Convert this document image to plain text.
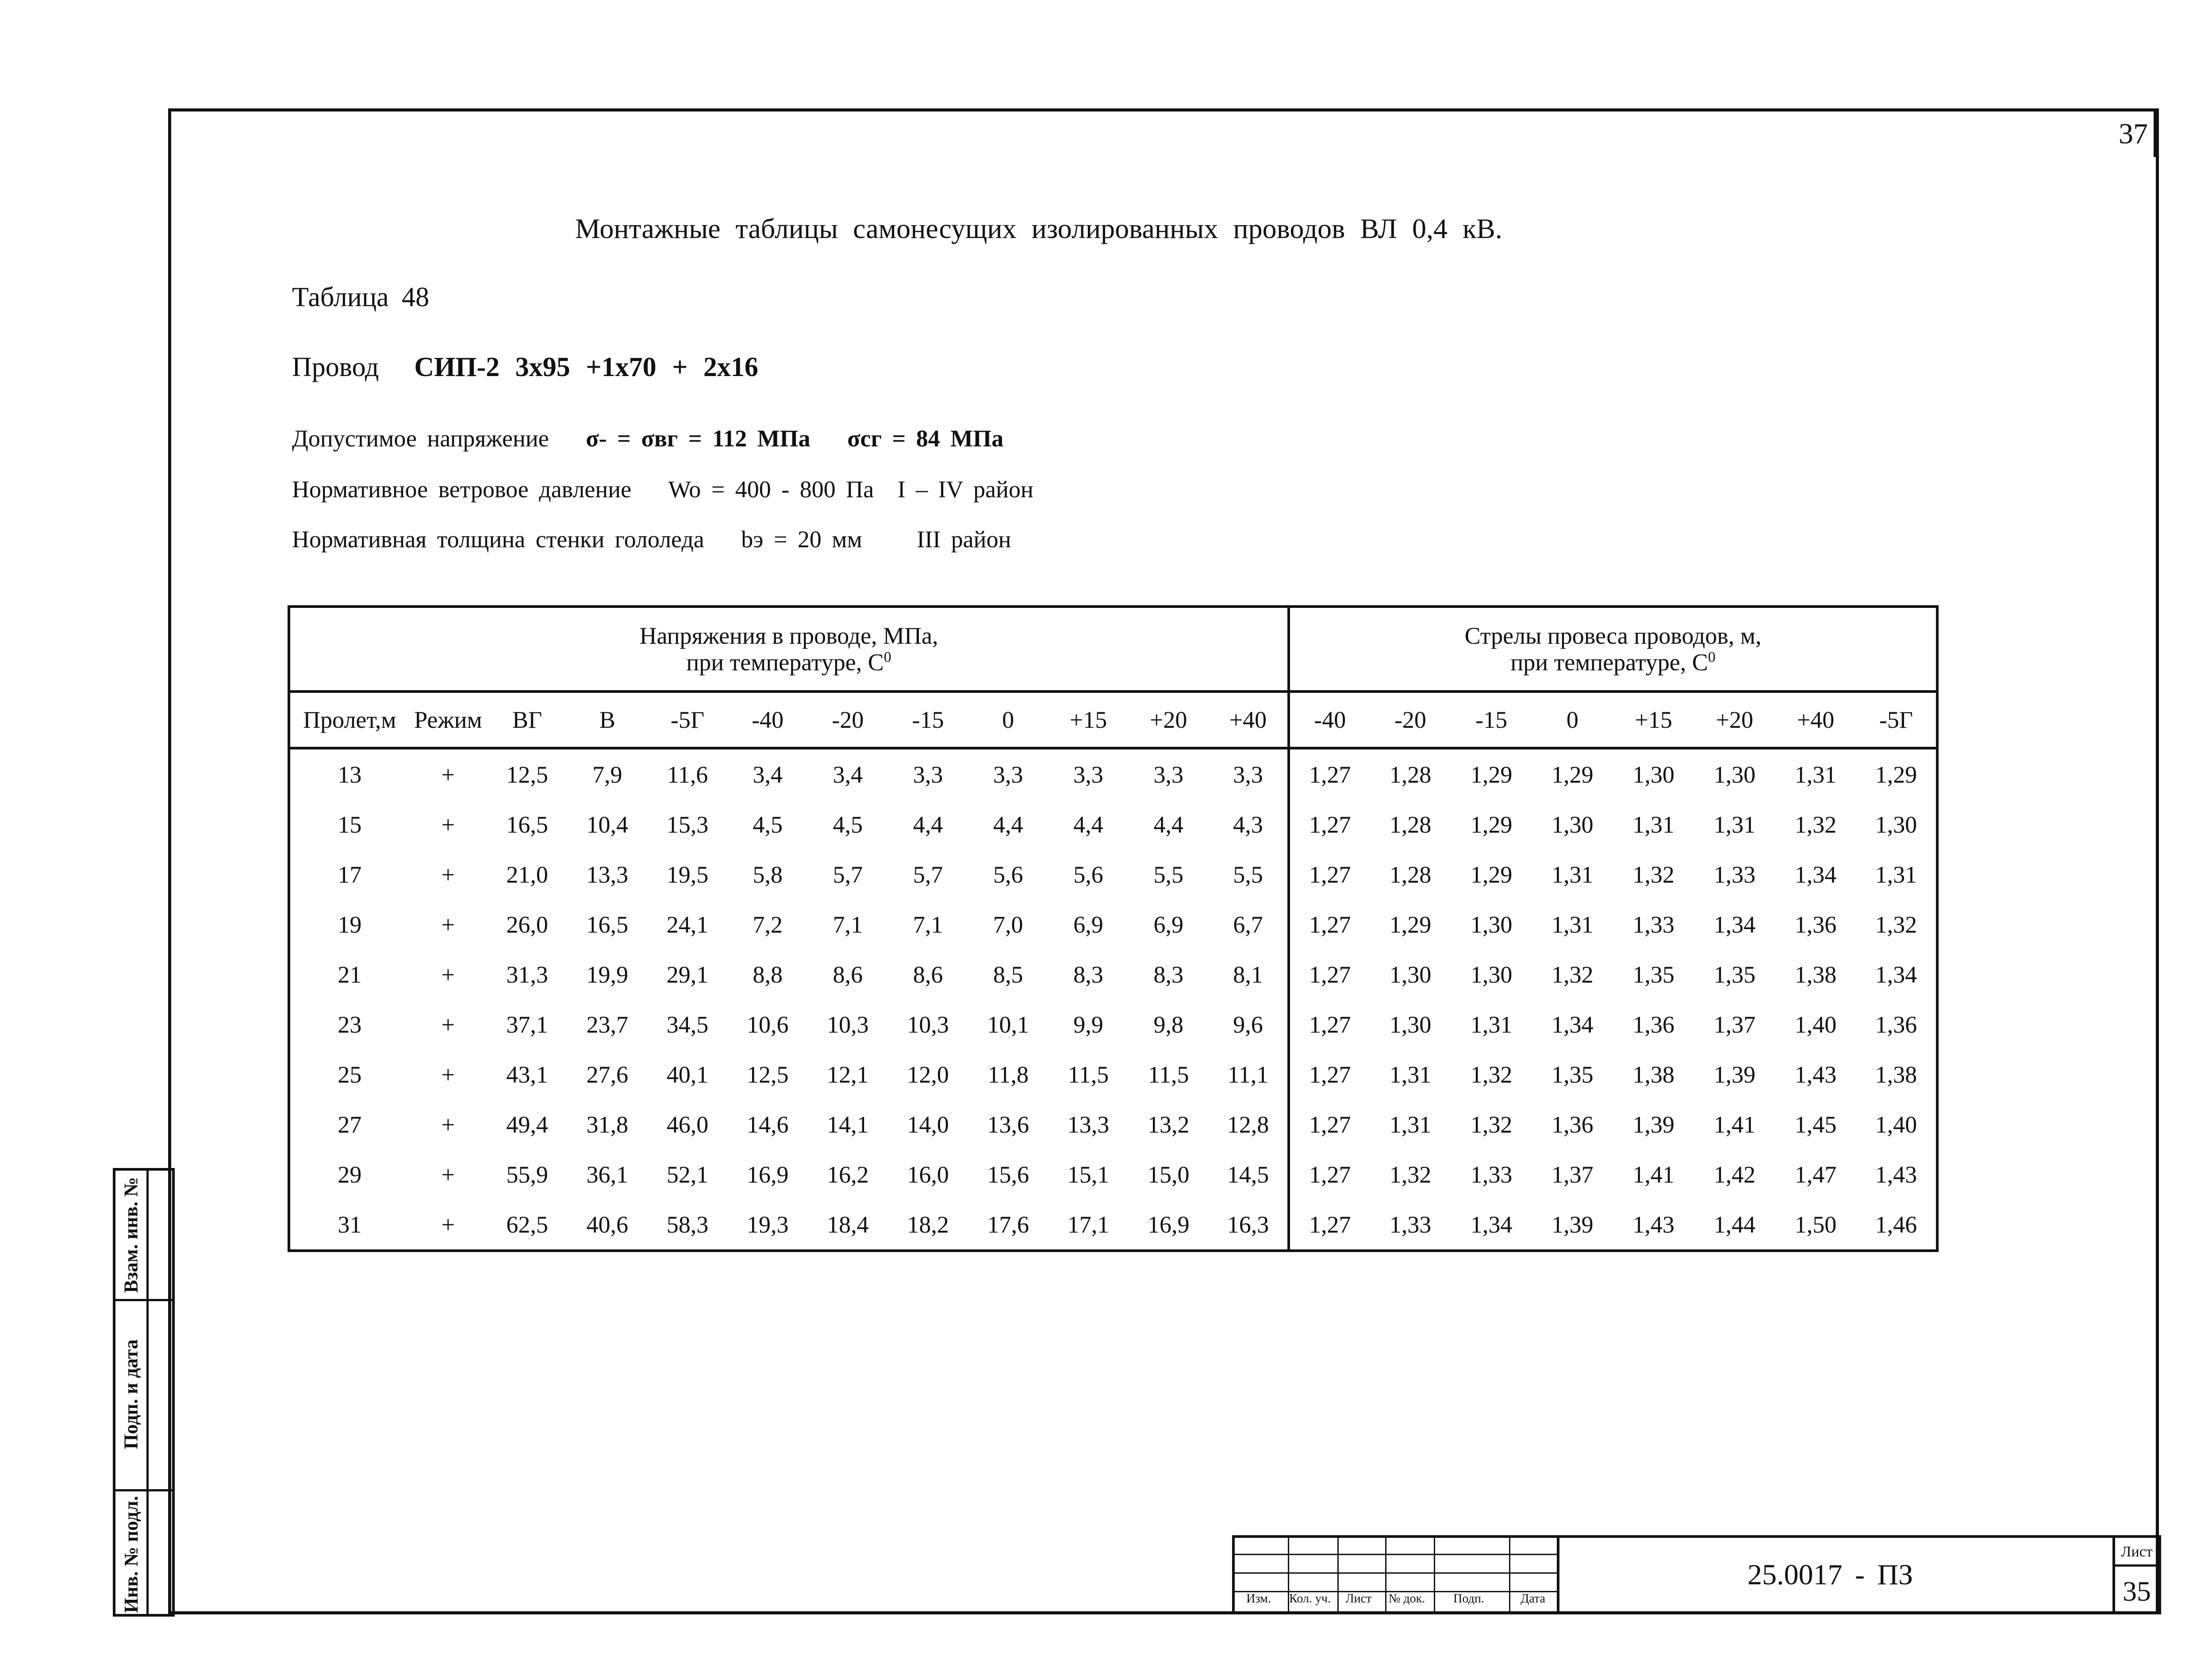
37
Монтажные таблицы самонесущих изолированных проводов ВЛ 0,4 кВ.
Таблица 48
Провод СИП-2 3х95 +1х70 + 2х16
Допустимое напряжение σ- = σвг = 112 МПа σсг = 84 МПа
Нормативное ветровое давление Wo = 400 - 800 Па I – IV район
Нормативная толщина стенки гололеда bэ = 20 мм III район
Напряжения в проводе, МПа,
при температуре, $С^0$												Стрелы провеса проводов, м,
при температуре, $С^0$
Пролет,м	Режим	ВГ	В	-5Г	-40	-20	-15	0	+15	+20	+40	-40	-20	-15	0	+15	+20	+40	-5Г
13	+	12,5	7,9	11,6	3,4	3,4	3,3	3,3	3,3	3,3	3,3	1,27	1,28	1,29	1,29	1,30	1,30	1,31	1,29
15	+	16,5	10,4	15,3	4,5	4,5	4,4	4,4	4,4	4,4	4,3	1,27	1,28	1,29	1,30	1,31	1,31	1,32	1,30
17	+	21,0	13,3	19,5	5,8	5,7	5,7	5,6	5,6	5,5	5,5	1,27	1,28	1,29	1,31	1,32	1,33	1,34	1,31
19	+	26,0	16,5	24,1	7,2	7,1	7,1	7,0	6,9	6,9	6,7	1,27	1,29	1,30	1,31	1,33	1,34	1,36	1,32
21	+	31,3	19,9	29,1	8,8	8,6	8,6	8,5	8,3	8,3	8,1	1,27	1,30	1,30	1,32	1,35	1,35	1,38	1,34
23	+	37,1	23,7	34,5	10,6	10,3	10,3	10,1	9,9	9,8	9,6	1,27	1,30	1,31	1,34	1,36	1,37	1,40	1,36
25	+	43,1	27,6	40,1	12,5	12,1	12,0	11,8	11,5	11,5	11,1	1,27	1,31	1,32	1,35	1,38	1,39	1,43	1,38
27	+	49,4	31,8	46,0	14,6	14,1	14,0	13,6	13,3	13,2	12,8	1,27	1,31	1,32	1,36	1,39	1,41	1,45	1,40
29	+	55,9	36,1	52,1	16,9	16,2	16,0	15,6	15,1	15,0	14,5	1,27	1,32	1,33	1,37	1,41	1,42	1,47	1,43
31	+	62,5	40,6	58,3	19,3	18,4	18,2	17,6	17,1	16,9	16,3	1,27	1,33	1,34	1,39	1,43	1,44	1,50	1,46
Взам. инв. №
Подп. и дата
Инв. № подл.	Изм.	Кол. уч.	Лист	№ док.	Подп.	Дата
25.0017 - ПЗ
Лист
35
